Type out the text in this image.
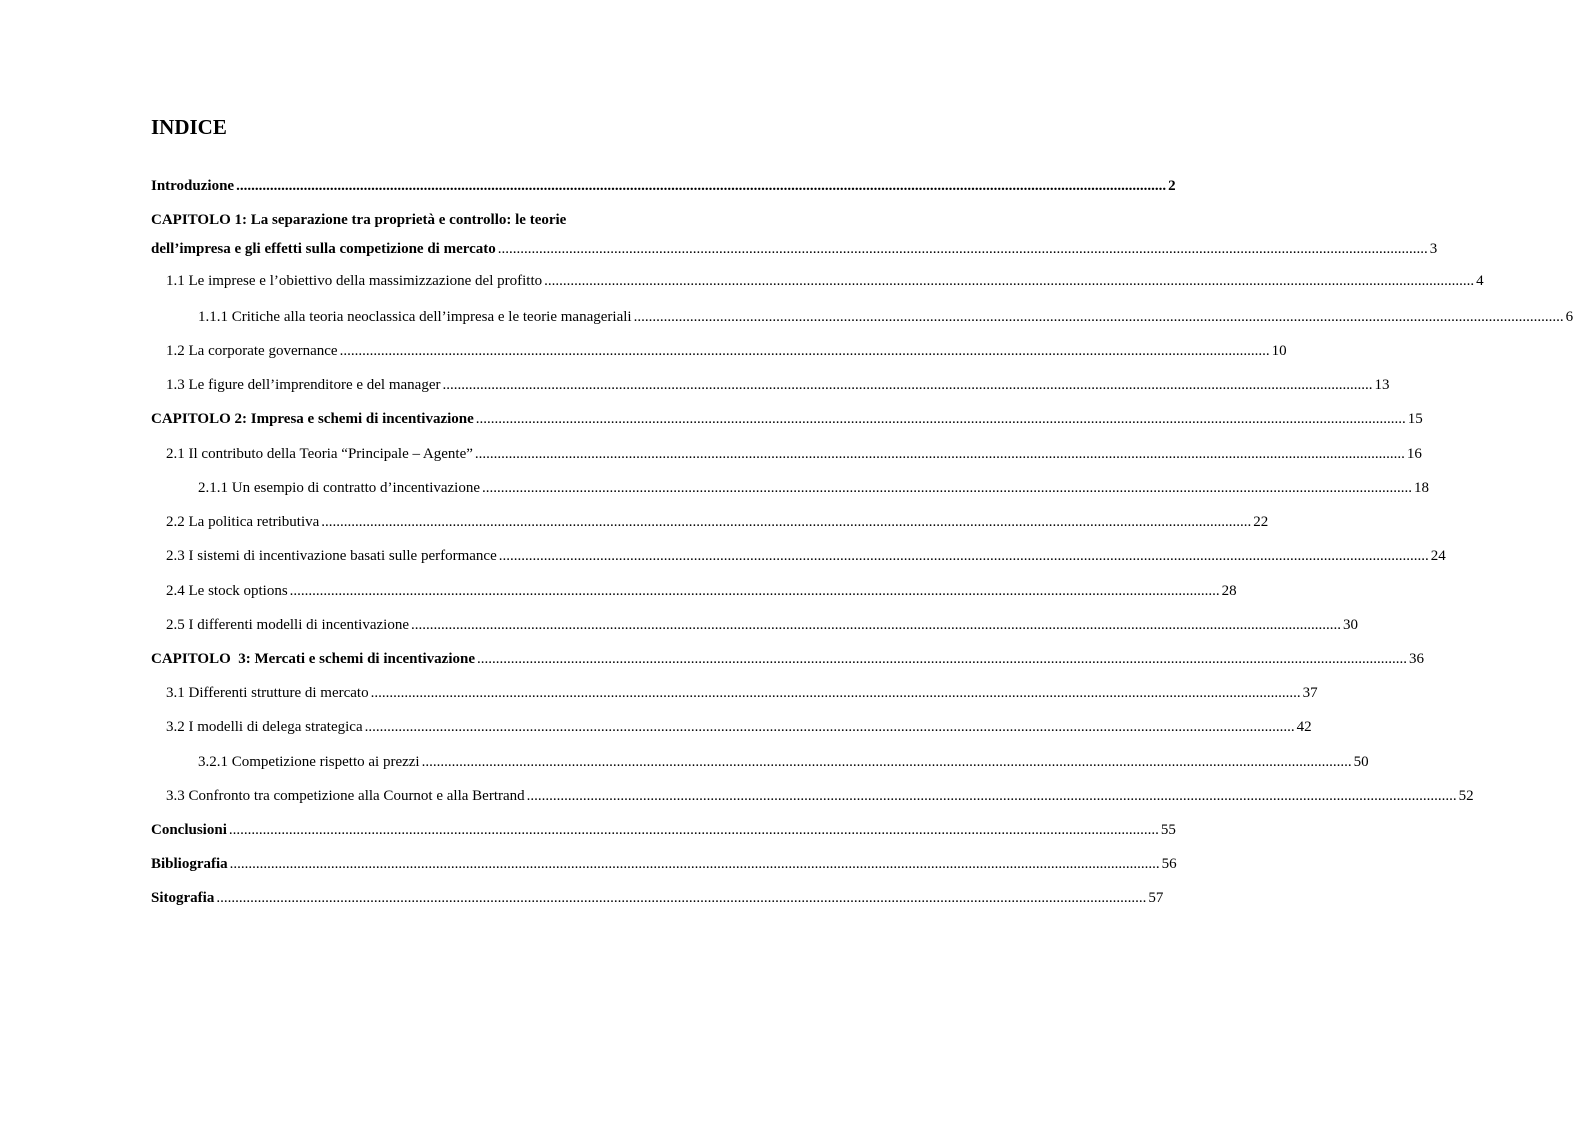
INDICE
Introduzione .....	2
CAPITOLO 1: La separazione tra proprietà e controllo: le teorie
dell’impresa e gli effetti sulla competizione di mercato .....	3
1.1 Le imprese e l’obiettivo della massimizzazione del profitto .....	4
1.1.1 Critiche alla teoria neoclassica dell’impresa e le teorie manageriali .....	6
1.2 La corporate governance .....	10
1.3 Le figure dell’imprenditore e del manager .....	13
CAPITOLO 2: Impresa e schemi di incentivazione .....	15
2.1 Il contributo della Teoria “Principale – Agente” .....	16
2.1.1 Un esempio di contratto d’incentivazione .....	18
2.2 La politica retributiva .....	22
2.3 I sistemi di incentivazione basati sulle performance .....	24
2.4 Le stock options .....	28
2.5 I differenti modelli di incentivazione .....	30
CAPITOLO  3: Mercati e schemi di incentivazione .....	36
3.1 Differenti strutture di mercato .....	37
3.2 I modelli di delega strategica .....	42
3.2.1 Competizione rispetto ai prezzi .....	50
3.3 Confronto tra competizione alla Cournot e alla Bertrand .....	52
Conclusioni .....	55
Bibliografia .....	56
Sitografia .....	57
